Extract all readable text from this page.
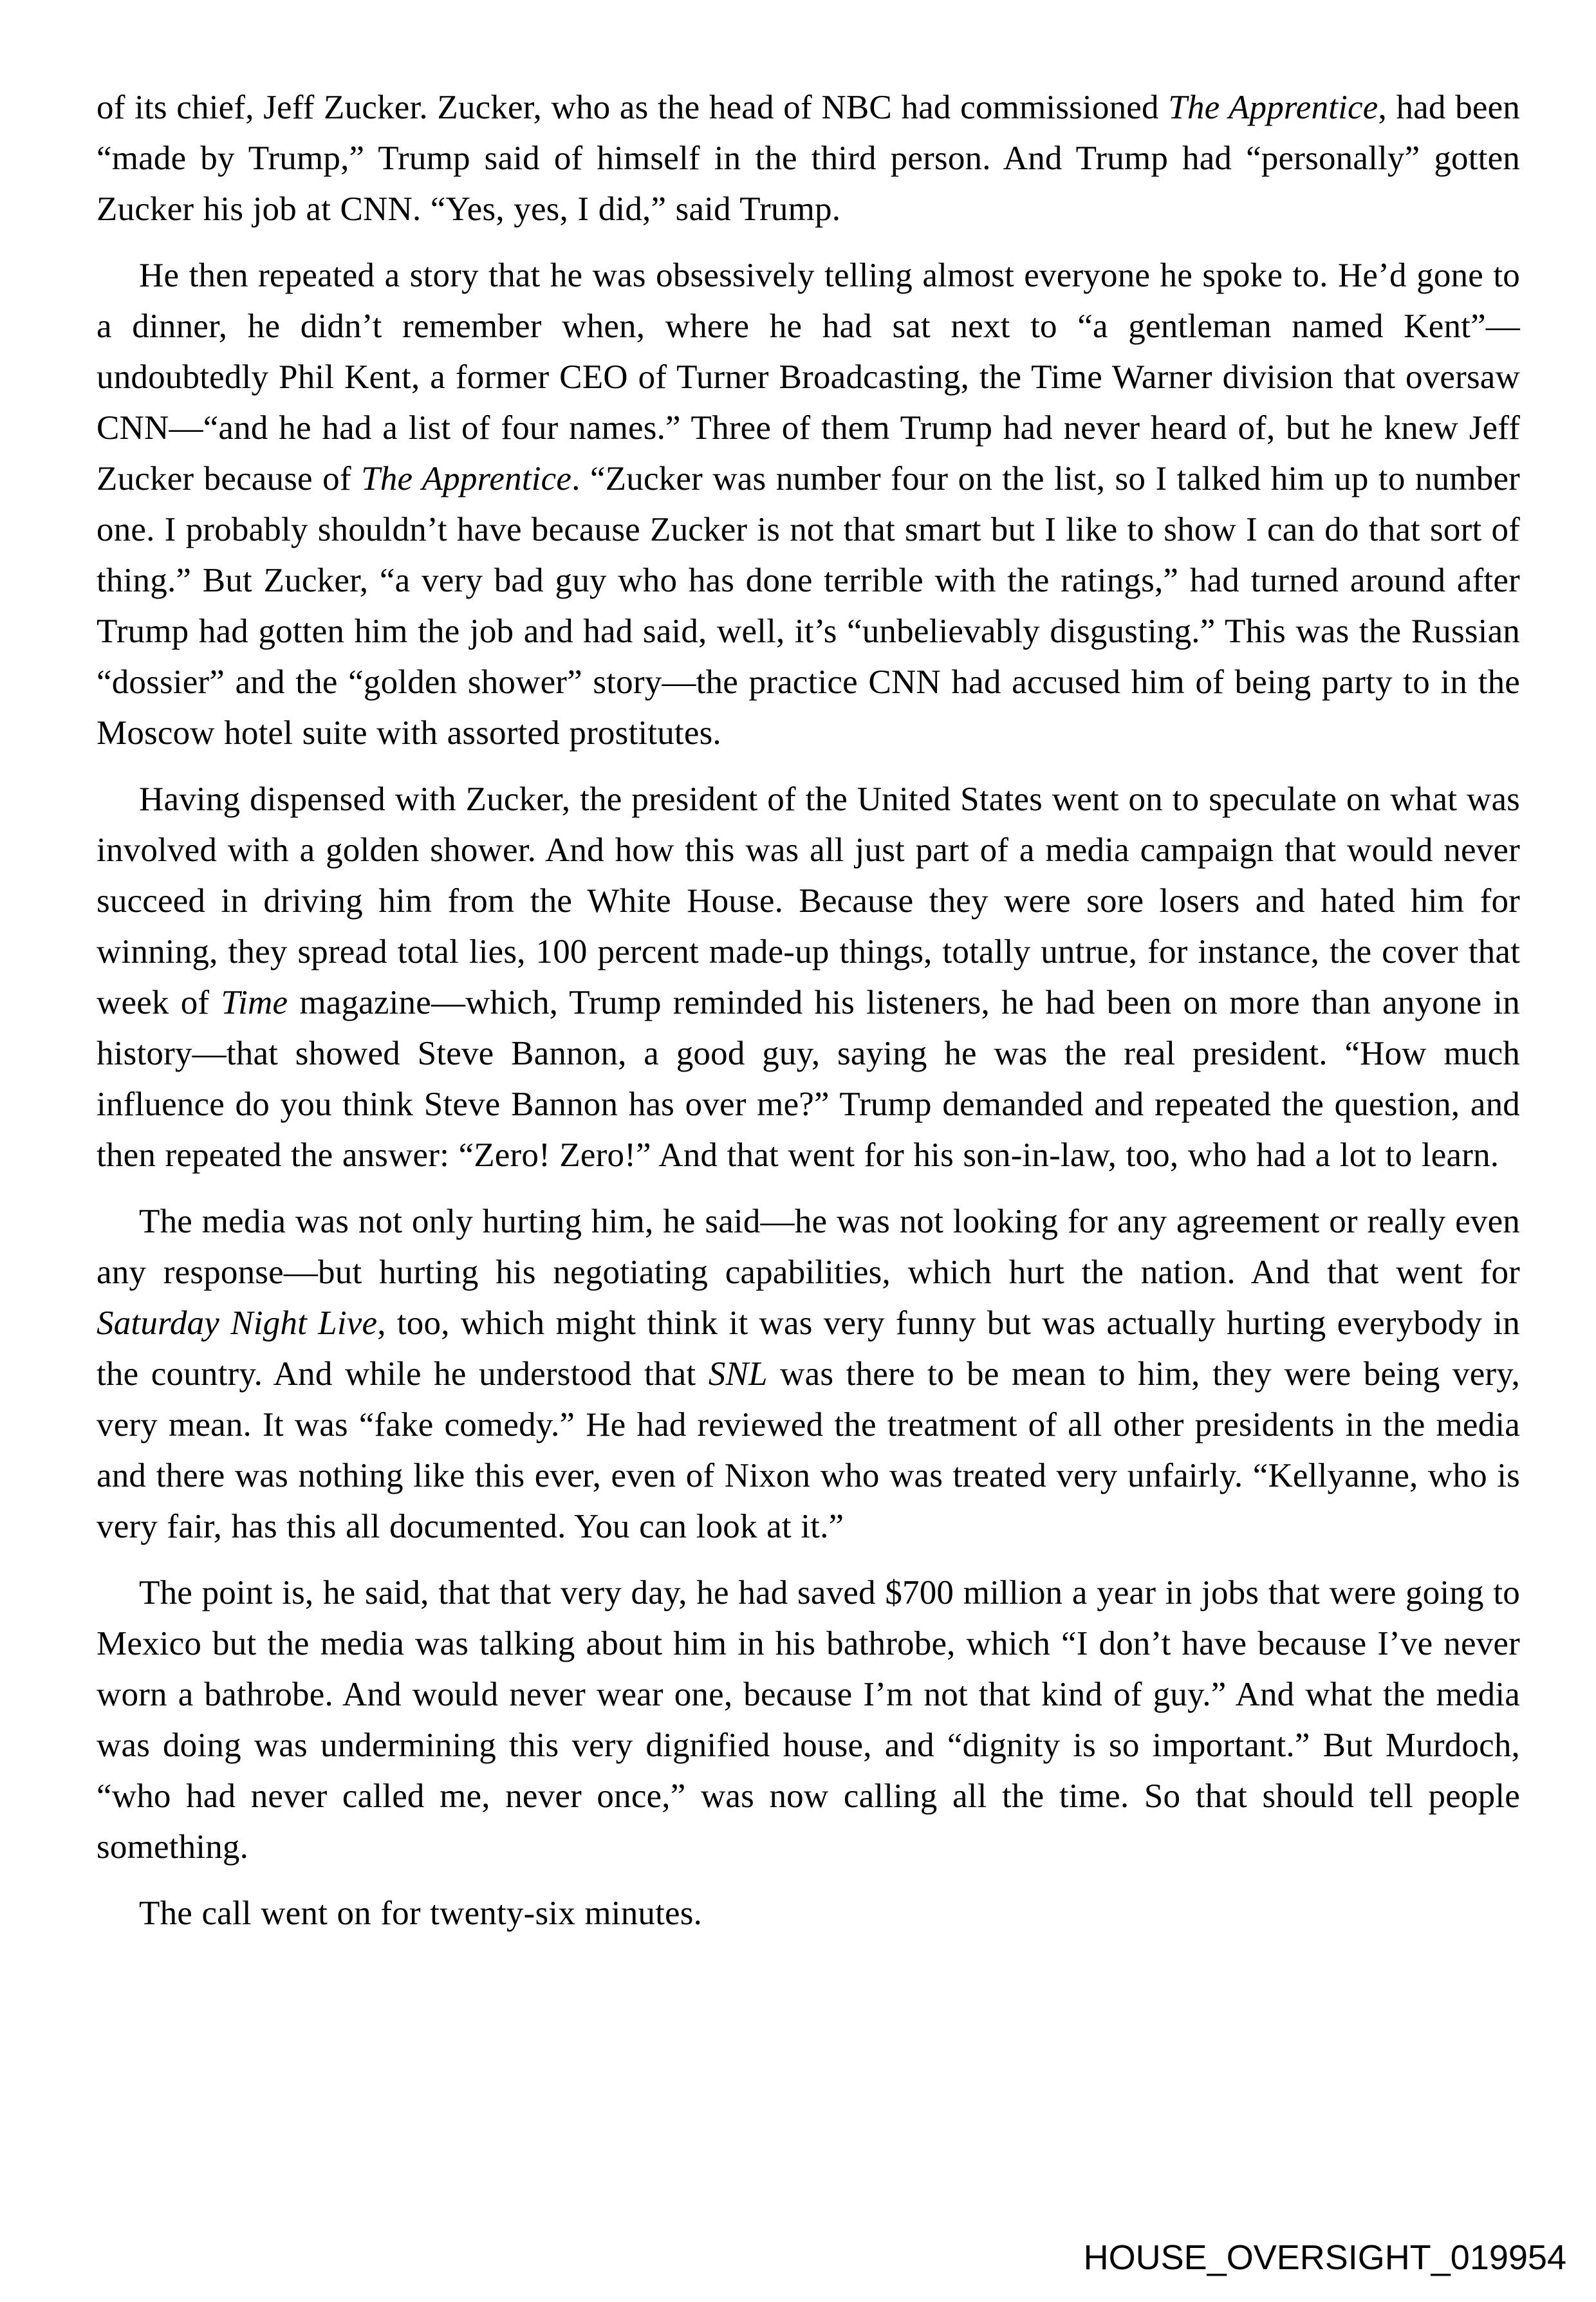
of its chief, Jeff Zucker. Zucker, who as the head of NBC had commissioned The Apprentice, had been “made by Trump,” Trump said of himself in the third person. And Trump had “personally” gotten Zucker his job at CNN. “Yes, yes, I did,” said Trump.

He then repeated a story that he was obsessively telling almost everyone he spoke to. He’d gone to a dinner, he didn’t remember when, where he had sat next to “a gentleman named Kent”—undoubtedly Phil Kent, a former CEO of Turner Broadcasting, the Time Warner division that oversaw CNN—“and he had a list of four names.” Three of them Trump had never heard of, but he knew Jeff Zucker because of The Apprentice. “Zucker was number four on the list, so I talked him up to number one. I probably shouldn’t have because Zucker is not that smart but I like to show I can do that sort of thing.” But Zucker, “a very bad guy who has done terrible with the ratings,” had turned around after Trump had gotten him the job and had said, well, it’s “unbelievably disgusting.” This was the Russian “dossier” and the “golden shower” story—the practice CNN had accused him of being party to in the Moscow hotel suite with assorted prostitutes.

Having dispensed with Zucker, the president of the United States went on to speculate on what was involved with a golden shower. And how this was all just part of a media campaign that would never succeed in driving him from the White House. Because they were sore losers and hated him for winning, they spread total lies, 100 percent made-up things, totally untrue, for instance, the cover that week of Time magazine—which, Trump reminded his listeners, he had been on more than anyone in history—that showed Steve Bannon, a good guy, saying he was the real president. “How much influence do you think Steve Bannon has over me?” Trump demanded and repeated the question, and then repeated the answer: “Zero! Zero!” And that went for his son-in-law, too, who had a lot to learn.

The media was not only hurting him, he said—he was not looking for any agreement or really even any response—but hurting his negotiating capabilities, which hurt the nation. And that went for Saturday Night Live, too, which might think it was very funny but was actually hurting everybody in the country. And while he understood that SNL was there to be mean to him, they were being very, very mean. It was “fake comedy.” He had reviewed the treatment of all other presidents in the media and there was nothing like this ever, even of Nixon who was treated very unfairly. “Kellyanne, who is very fair, has this all documented. You can look at it.”

The point is, he said, that that very day, he had saved $700 million a year in jobs that were going to Mexico but the media was talking about him in his bathrobe, which “I don’t have because I’ve never worn a bathrobe. And would never wear one, because I’m not that kind of guy.” And what the media was doing was undermining this very dignified house, and “dignity is so important.” But Murdoch, “who had never called me, never once,” was now calling all the time. So that should tell people something.

The call went on for twenty-six minutes.

HOUSE_OVERSIGHT_019954
